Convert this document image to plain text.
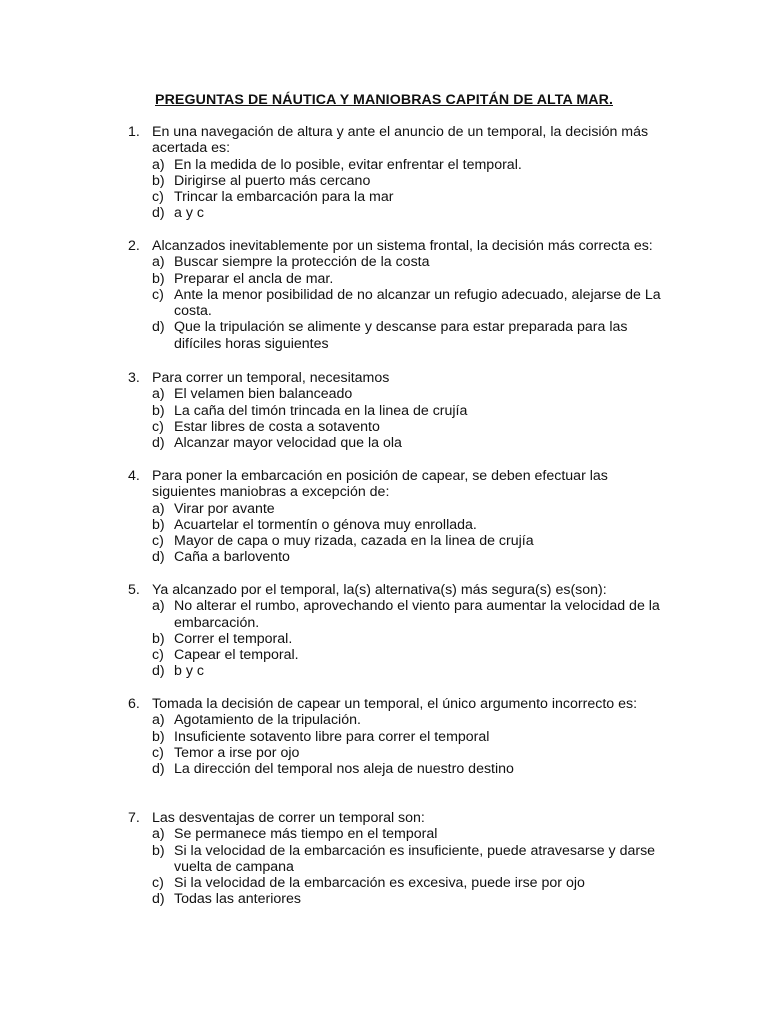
PREGUNTAS DE NÁUTICA Y MANIOBRAS CAPITÁN DE ALTA MAR.
1. En una navegación de altura y ante el anuncio de un temporal, la decisión más acertada es:
a) En la medida de lo posible, evitar enfrentar el temporal.
b) Dirigirse al puerto más cercano
c) Trincar la embarcación para la mar
d) a y c
2. Alcanzados inevitablemente por un sistema frontal, la decisión más correcta es:
a) Buscar siempre la protección de la costa
b) Preparar el ancla de mar.
c) Ante la menor posibilidad de no alcanzar un refugio adecuado, alejarse de La costa.
d) Que la tripulación se alimente y descanse para estar preparada para las difíciles horas siguientes
3. Para correr un temporal, necesitamos
a) El velamen bien balanceado
b) La caña del timón trincada en la linea de crujía
c) Estar libres de costa a sotavento
d) Alcanzar mayor velocidad que la ola
4. Para poner la embarcación en posición de capear, se deben efectuar las siguientes maniobras a excepción de:
a) Virar por avante
b) Acuartelar el tormentín o génova muy enrollada.
c) Mayor de capa o muy rizada, cazada en la linea de crujía
d) Caña a barlovento
5. Ya alcanzado por el temporal, la(s) alternativa(s) más segura(s) es(son):
a) No alterar el rumbo, aprovechando el viento para aumentar la velocidad de la embarcación.
b) Correr el temporal.
c) Capear el temporal.
d) b y c
6. Tomada la decisión de capear un temporal, el único argumento incorrecto es:
a) Agotamiento de la tripulación.
b) Insuficiente sotavento libre para correr el temporal
c) Temor a irse por ojo
d) La dirección del temporal nos aleja de nuestro destino
7. Las desventajas de correr un temporal son:
a) Se permanece más tiempo en el temporal
b) Si la velocidad de la embarcación es insuficiente, puede atravesarse y darse vuelta de campana
c) Si la velocidad de la embarcación es excesiva, puede irse por ojo
d) Todas las anteriores
